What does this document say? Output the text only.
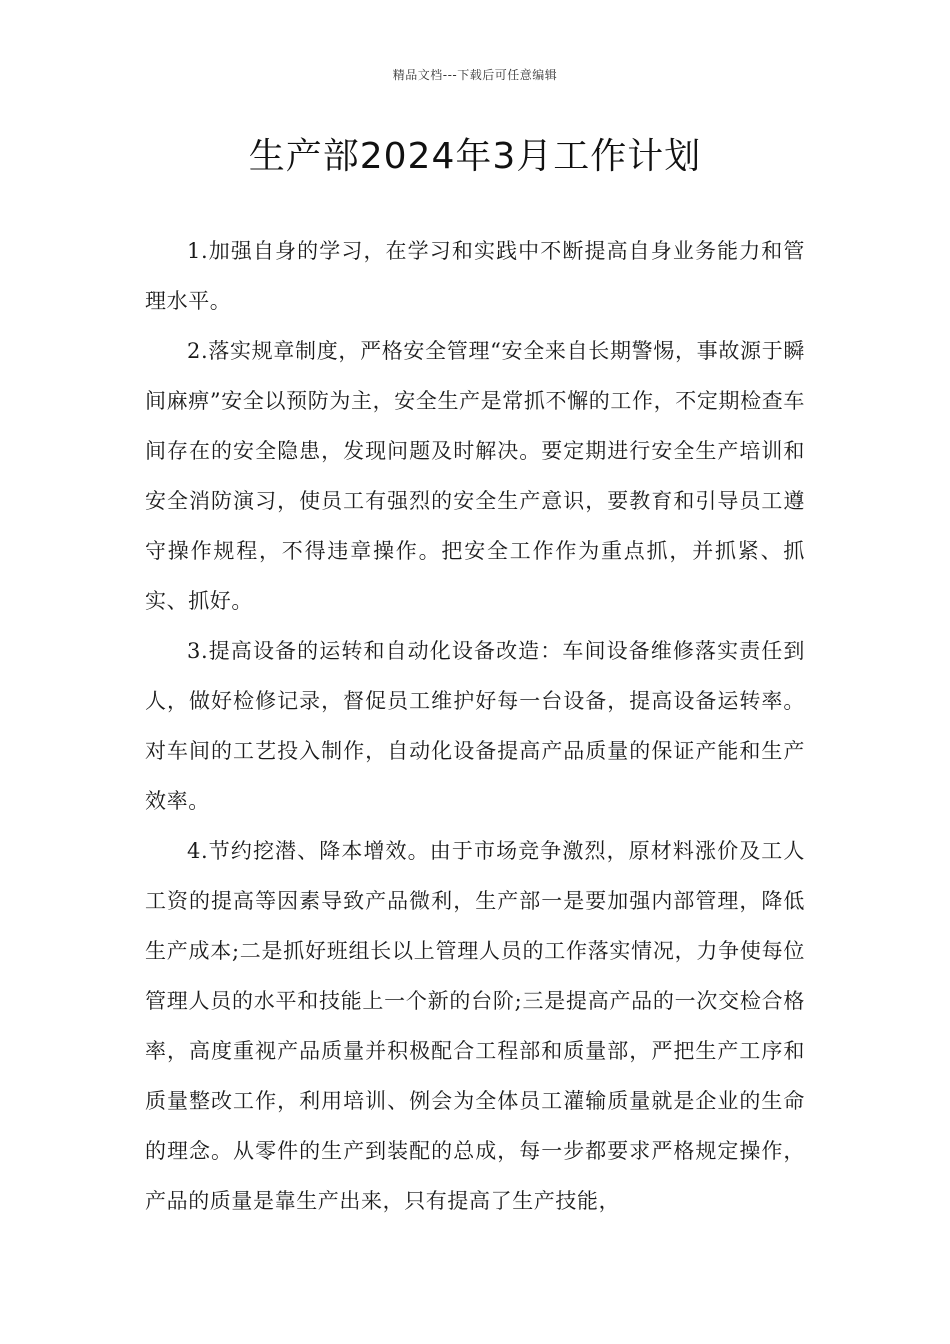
精品文档---下载后可任意编辑
生产部2024年3月工作计划

1.加强自身的学习，在学习和实践中不断提高自身业务能力和管理水平。

2.落实规章制度，严格安全管理“安全来自长期警惕，事故源于瞬间麻痹”安全以预防为主，安全生产是常抓不懈的工作，不定期检查车间存在的安全隐患，发现问题及时解决。要定期进行安全生产培训和安全消防演习，使员工有强烈的安全生产意识，要教育和引导员工遵守操作规程，不得违章操作。把安全工作作为重点抓，并抓紧、抓实、抓好。

3.提高设备的运转和自动化设备改造：车间设备维修落实责任到人，做好检修记录，督促员工维护好每一台设备，提高设备运转率。对车间的工艺投入制作，自动化设备提高产品质量的保证产能和生产效率。

4.节约挖潜、降本增效。由于市场竞争激烈，原材料涨价及工人工资的提高等因素导致产品微利，生产部一是要加强内部管理，降低生产成本;二是抓好班组长以上管理人员的工作落实情况，力争使每位管理人员的水平和技能上一个新的台阶;三是提高产品的一次交检合格率，高度重视产品质量并积极配合工程部和质量部，严把生产工序和质量整改工作，利用培训、例会为全体员工灌输质量就是企业的生命的理念。从零件的生产到装配的总成，每一步都要求严格规定操作，产品的质量是靠生产出来，只有提高了生产技能，
